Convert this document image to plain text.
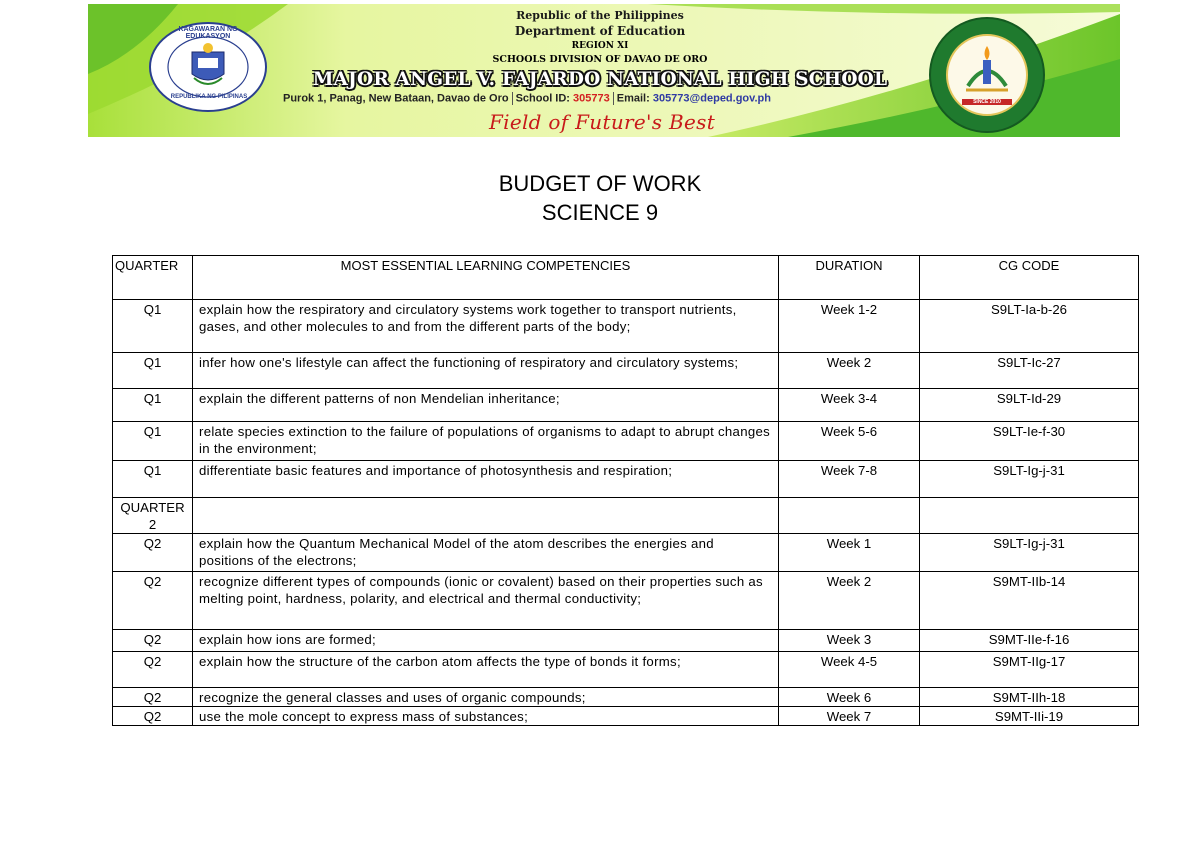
KAGAWARAN NG EDUKASYON
REPUBLIKA NG PILIPINAS
SINCE 2010
Republic of the Philippines
Department of Education
REGION XI
SCHOOLS DIVISION OF DAVAO DE ORO
MAJOR ANGEL V. FAJARDO NATIONAL HIGH SCHOOL
Purok 1, Panag, New Bataan, Davao de Oro School ID: 305773 Email: 305773@deped.gov.ph
Field of Future's Best
BUDGET OF WORK
SCIENCE 9
QUARTER	MOST ESSENTIAL LEARNING COMPETENCIES	DURATION	CG CODE
Q1	explain how the respiratory and circulatory systems work together to transport nutrients, gases, and other molecules to and from the different parts of the body;	Week 1-2	S9LT-Ia-b-26
Q1	infer how one's lifestyle can affect the functioning of respiratory and circulatory systems;	Week 2	S9LT-Ic-27
Q1	explain the different patterns of non Mendelian inheritance;	Week 3-4	S9LT-Id-29
Q1	relate species extinction to the failure of populations of organisms to adapt to abrupt changes in the environment;	Week 5-6	S9LT-Ie-f-30
Q1	differentiate basic features and importance of photosynthesis and respiration;	Week 7-8	S9LT-Ig-j-31
QUARTER 2			
Q2	explain how the Quantum Mechanical Model of the atom describes the energies and positions of the electrons;	Week 1	S9LT-Ig-j-31
Q2	recognize different types of compounds (ionic or covalent) based on their properties such as melting point, hardness, polarity, and electrical and thermal conductivity;	Week 2	S9MT-IIb-14
Q2	explain how ions are formed;	Week 3	S9MT-IIe-f-16
Q2	explain how the structure of the carbon atom affects the type of bonds it forms;	Week 4-5	S9MT-IIg-17
Q2	recognize the general classes and uses of organic compounds;	Week 6	S9MT-IIh-18
Q2	use the mole concept to express mass of substances;	Week 7	S9MT-IIi-19
